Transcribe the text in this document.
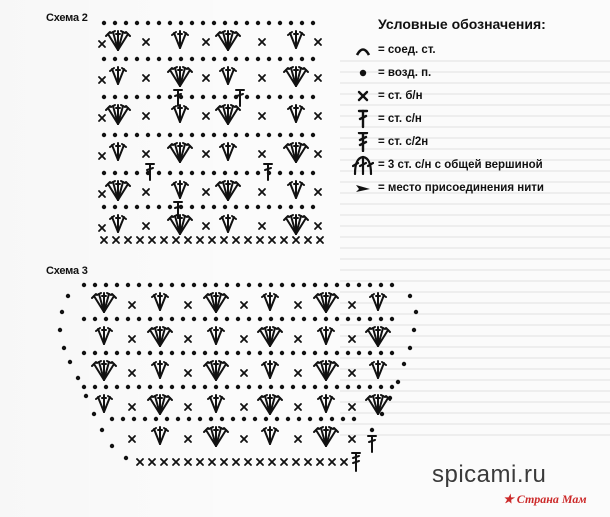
Схема 2
Схема 3
Условные обозначения:
= соед. ст.
= возд. п.
= ст. б/н
= ст. с/н
= ст. с/2н
= 3 ст. с/н с общей вершиной
= место присоединения нити
spicami.ru
★ Страна Мам
